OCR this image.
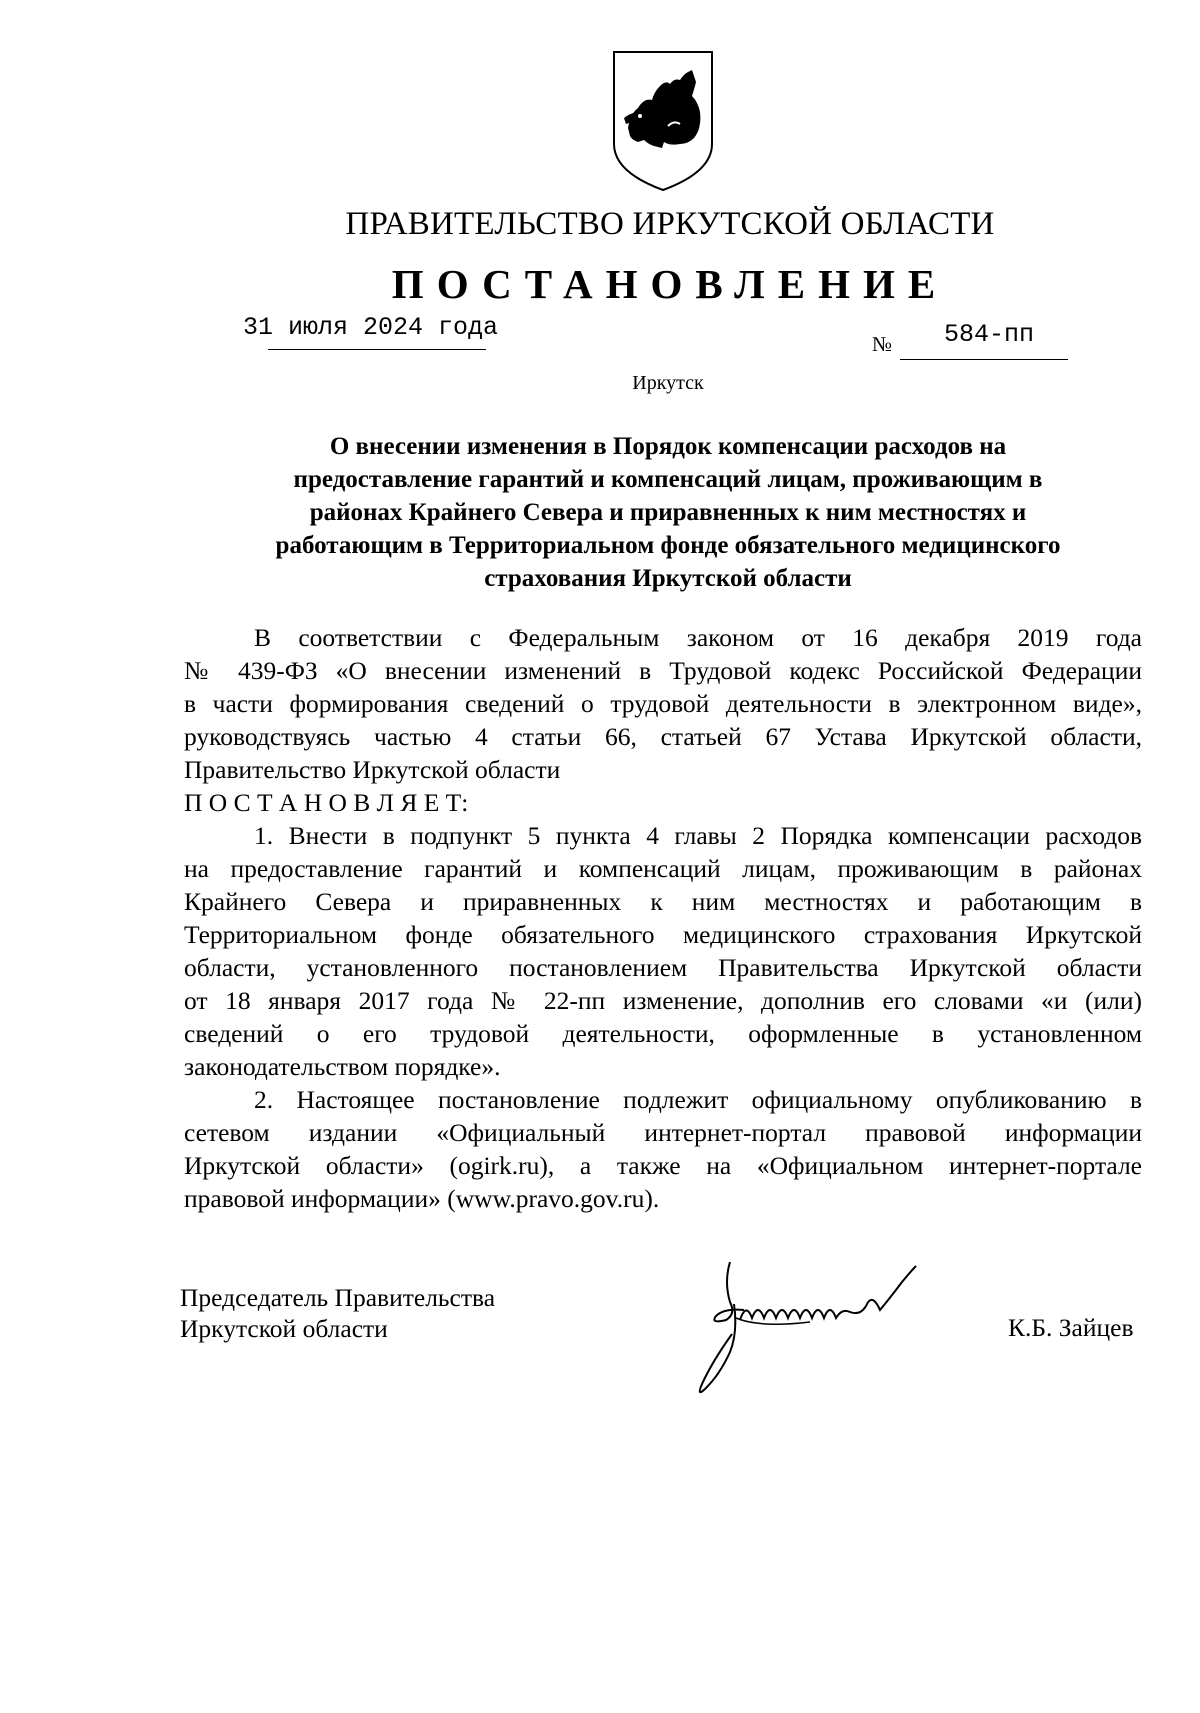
ПРАВИТЕЛЬСТВО ИРКУТСКОЙ ОБЛАСТИ
ПОСТАНОВЛЕНИЕ
31 июля 2024 года
№ 584-пп
Иркутск
О внесении изменения в Порядок компенсации расходов на
предоставление гарантий и компенсаций лицам, проживающим в
районах Крайнего Севера и приравненных к ним местностях и
работающим в Территориальном фонде обязательного медицинского
страхования Иркутской области
В соответствии с Федеральным законом от 16 декабря 2019 года
№ 439-ФЗ «О внесении изменений в Трудовой кодекс Российской Федерации
в части формирования сведений о трудовой деятельности в электронном виде»,
руководствуясь частью 4 статьи 66, статьей 67 Устава Иркутской области,
Правительство Иркутской области
П О С Т А Н О В Л Я Е Т:
1. Внести в подпункт 5 пункта 4 главы 2 Порядка компенсации расходов
на предоставление гарантий и компенсаций лицам, проживающим в районах
Крайнего Севера и приравненных к ним местностях и работающим в
Территориальном фонде обязательного медицинского страхования Иркутской
области, установленного постановлением Правительства Иркутской области
от 18 января 2017 года № 22-пп изменение, дополнив его словами «и (или)
сведений о его трудовой деятельности, оформленные в установленном
законодательством порядке».
2. Настоящее постановление подлежит официальному опубликованию в
сетевом издании «Официальный интернет-портал правовой информации
Иркутской области» (ogirk.ru), а также на «Официальном интернет-портале
правовой информации» (www.pravo.gov.ru).
Председатель Правительства
Иркутской области	К.Б. Зайцев
